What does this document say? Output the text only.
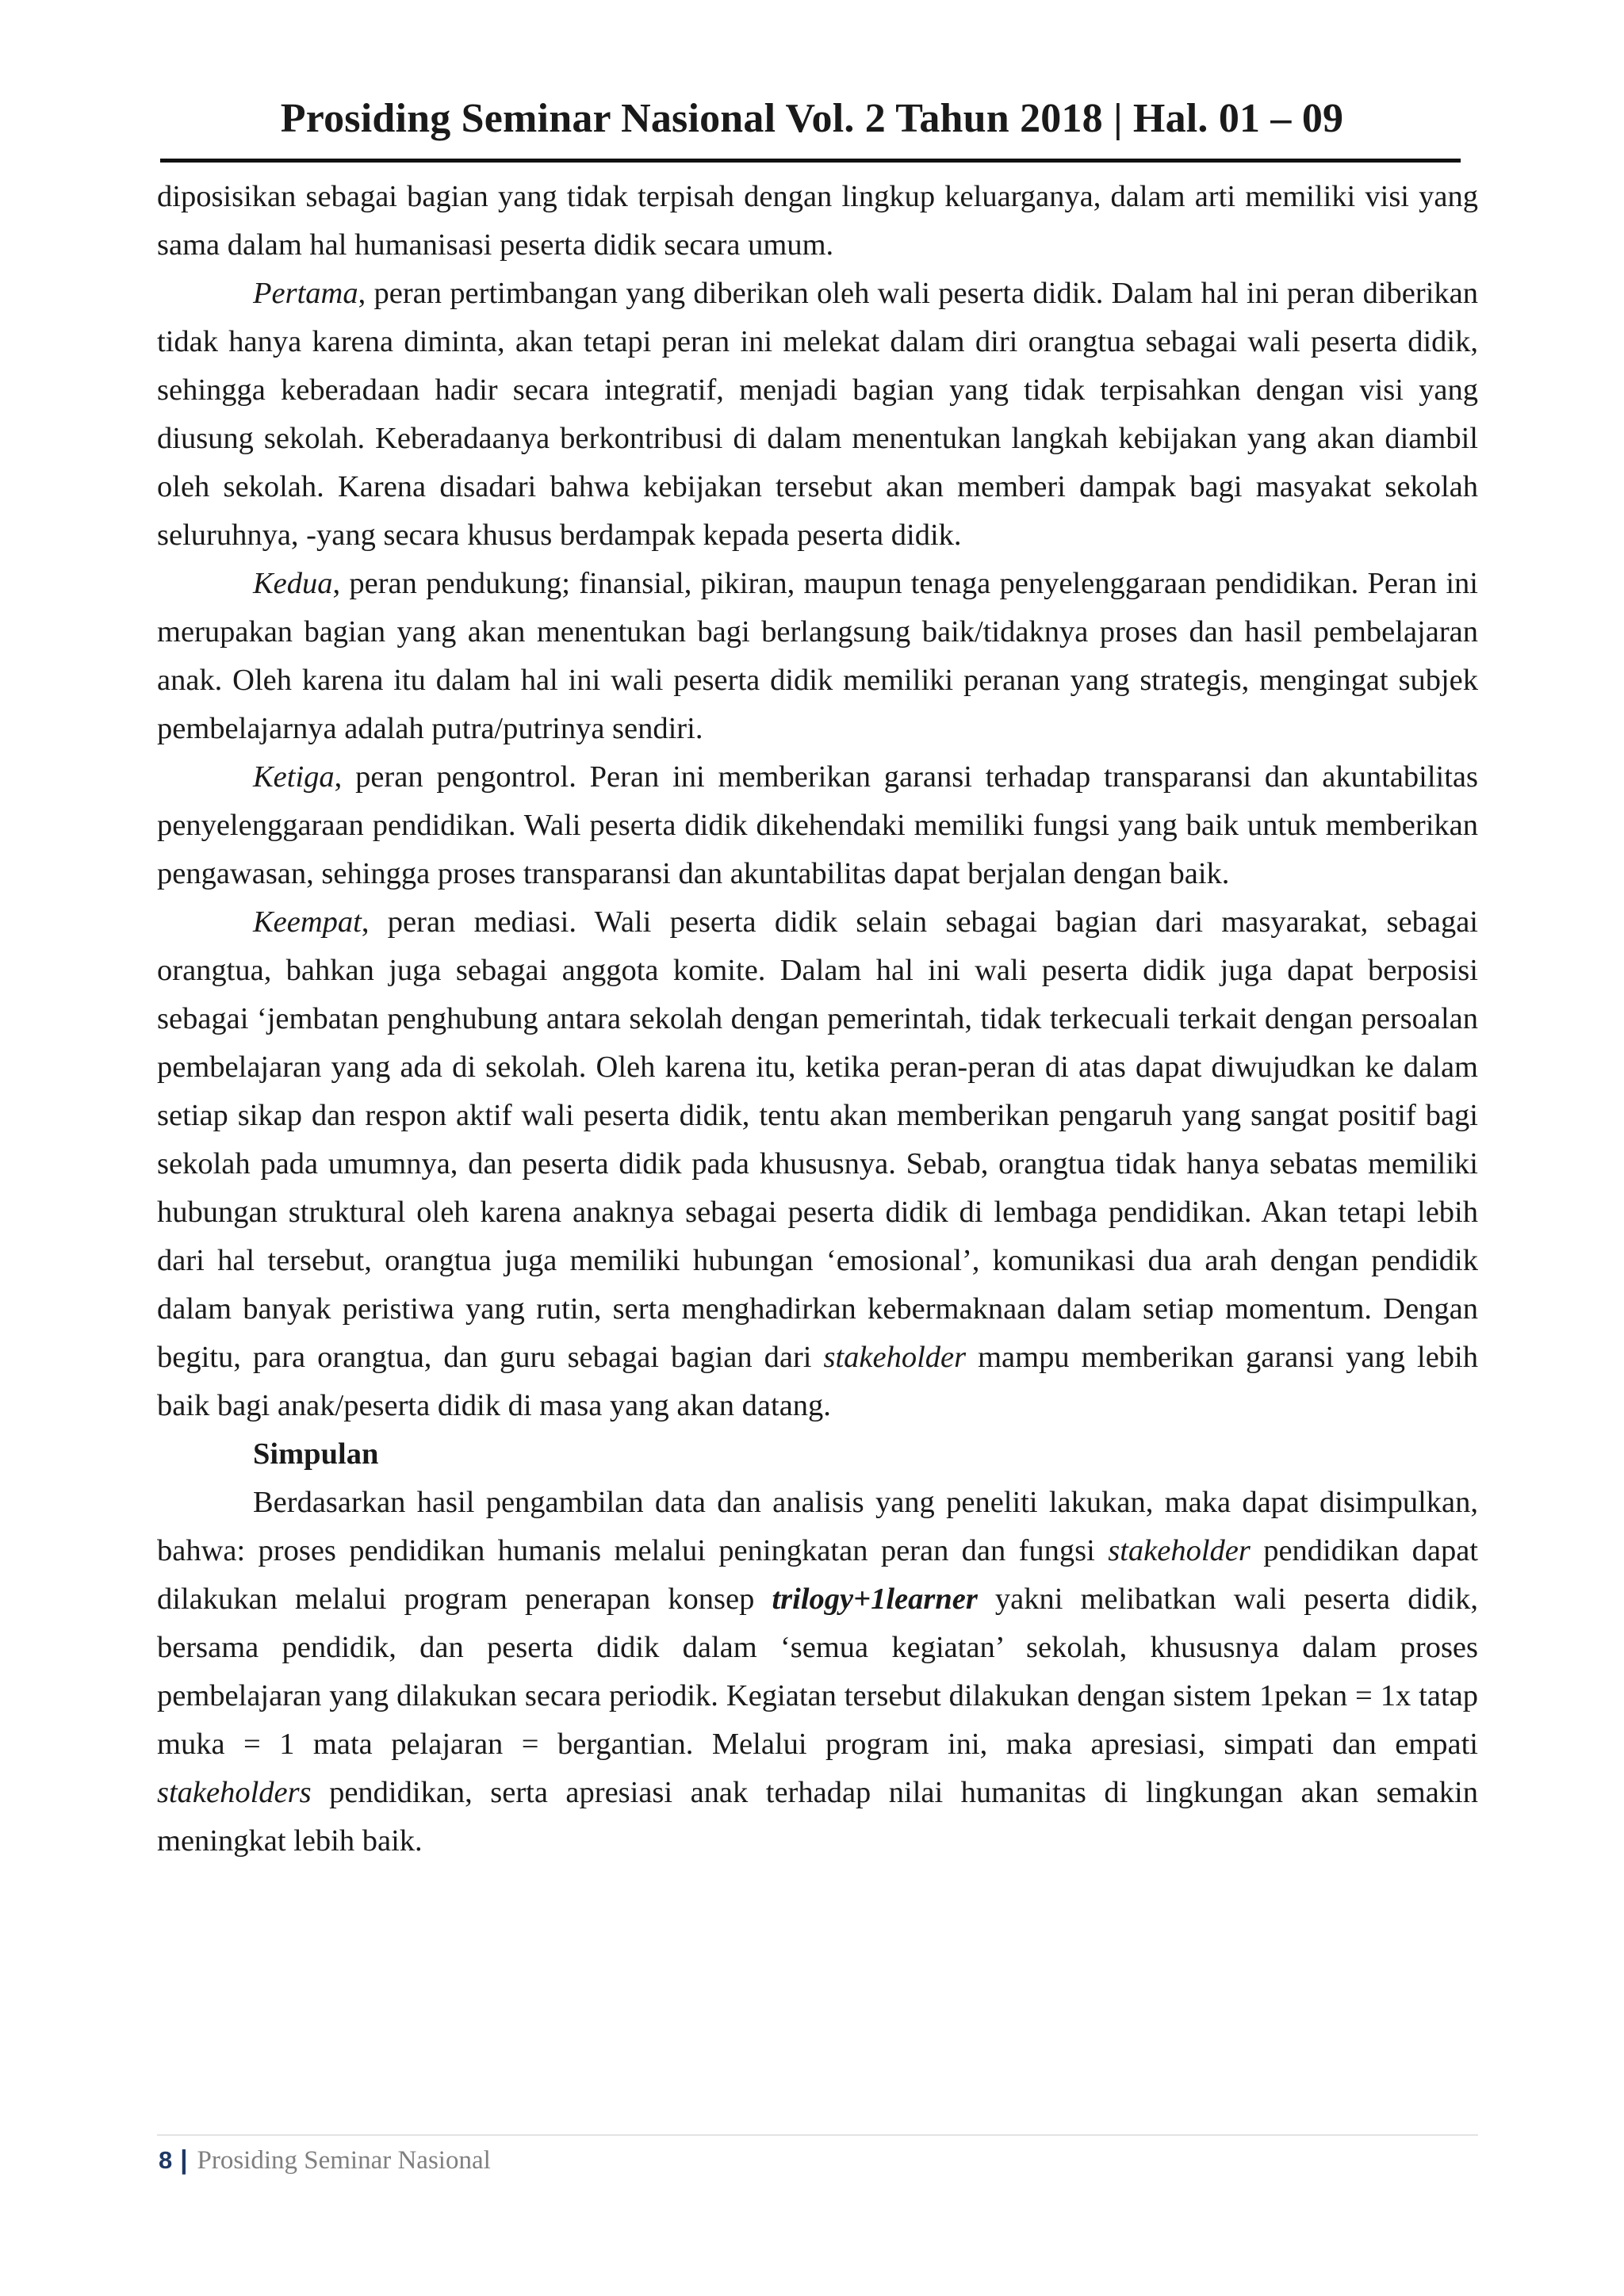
Prosiding Seminar Nasional Vol. 2 Tahun 2018 | Hal. 01 – 09

diposisikan sebagai bagian yang tidak terpisah dengan lingkup keluarganya, dalam arti memiliki visi yang sama dalam hal humanisasi peserta didik secara umum.

Pertama, peran pertimbangan yang diberikan oleh wali peserta didik. Dalam hal ini peran diberikan tidak hanya karena diminta, akan tetapi peran ini melekat dalam diri orangtua sebagai wali peserta didik, sehingga keberadaan hadir secara integratif, menjadi bagian yang tidak terpisahkan dengan visi yang diusung sekolah. Keberadaanya berkontribusi di dalam menentukan langkah kebijakan yang akan diambil oleh sekolah. Karena disadari bahwa kebijakan tersebut akan memberi dampak bagi masyakat sekolah seluruhnya, -yang secara khusus berdampak kepada peserta didik.

Kedua, peran pendukung; finansial, pikiran, maupun tenaga penyelenggaraan pendidikan. Peran ini merupakan bagian yang akan menentukan bagi berlangsung baik/tidaknya proses dan hasil pembelajaran anak. Oleh karena itu dalam hal ini wali peserta didik memiliki peranan yang strategis, mengingat subjek pembelajarnya adalah putra/putrinya sendiri.

Ketiga, peran pengontrol. Peran ini memberikan garansi terhadap transparansi dan akuntabilitas penyelenggaraan pendidikan. Wali peserta didik dikehendaki memiliki fungsi yang baik untuk memberikan pengawasan, sehingga proses transparansi dan akuntabilitas dapat berjalan dengan baik.

Keempat, peran mediasi. Wali peserta didik selain sebagai bagian dari masyarakat, sebagai orangtua, bahkan juga sebagai anggota komite. Dalam hal ini wali peserta didik juga dapat berposisi sebagai ‘jembatan penghubung antara sekolah dengan pemerintah, tidak terkecuali terkait dengan persoalan pembelajaran yang ada di sekolah. Oleh karena itu, ketika peran-peran di atas dapat diwujudkan ke dalam setiap sikap dan respon aktif wali peserta didik, tentu akan memberikan pengaruh yang sangat positif bagi sekolah pada umumnya, dan peserta didik pada khususnya. Sebab, orangtua tidak hanya sebatas memiliki hubungan struktural oleh karena anaknya sebagai peserta didik di lembaga pendidikan. Akan tetapi lebih dari hal tersebut, orangtua juga memiliki hubungan ‘emosional’, komunikasi dua arah dengan pendidik dalam banyak peristiwa yang rutin, serta menghadirkan kebermaknaan dalam setiap momentum. Dengan begitu, para orangtua, dan guru sebagai bagian dari stakeholder mampu memberikan garansi yang lebih baik bagi anak/peserta didik di masa yang akan datang.

Simpulan

Berdasarkan hasil pengambilan data dan analisis yang peneliti lakukan, maka dapat disimpulkan, bahwa: proses pendidikan humanis melalui peningkatan peran dan fungsi stakeholder pendidikan dapat dilakukan melalui program penerapan konsep trilogy+1learner yakni melibatkan wali peserta didik, bersama pendidik, dan peserta didik dalam ‘semua kegiatan’ sekolah, khususnya dalam proses pembelajaran yang dilakukan secara periodik. Kegiatan tersebut dilakukan dengan sistem 1pekan = 1x tatap muka = 1 mata pelajaran = bergantian. Melalui program ini, maka apresiasi, simpati dan empati stakeholders pendidikan, serta apresiasi anak terhadap nilai humanitas di lingkungan akan semakin meningkat lebih baik.

8 | Prosiding Seminar Nasional
